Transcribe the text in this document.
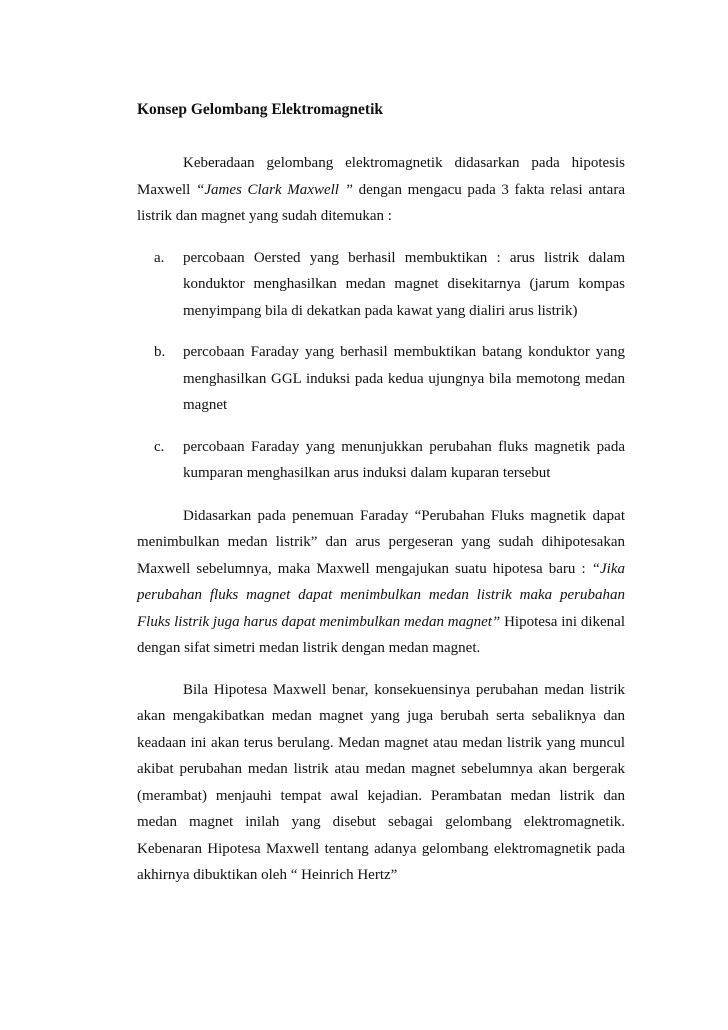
Konsep Gelombang Elektromagnetik

Keberadaan gelombang elektromagnetik didasarkan pada hipotesis Maxwell “James Clark Maxwell ” dengan mengacu pada 3 fakta relasi antara listrik dan magnet yang sudah ditemukan :

a. percobaan Oersted yang berhasil membuktikan : arus listrik dalam konduktor menghasilkan medan magnet disekitarnya (jarum kompas menyimpang bila di dekatkan pada kawat yang dialiri arus listrik)
b. percobaan Faraday yang berhasil membuktikan batang konduktor yang menghasilkan GGL induksi pada kedua ujungnya bila memotong medan magnet
c. percobaan Faraday yang menunjukkan perubahan fluks magnetik pada kumparan menghasilkan arus induksi dalam kuparan tersebut

Didasarkan pada penemuan Faraday “Perubahan Fluks magnetik dapat menimbulkan medan listrik” dan arus pergeseran yang sudah dihipotesakan Maxwell sebelumnya, maka Maxwell mengajukan suatu hipotesa baru : “Jika perubahan fluks magnet dapat menimbulkan medan listrik maka perubahan Fluks listrik juga harus dapat menimbulkan medan magnet” Hipotesa ini dikenal dengan sifat simetri medan listrik dengan medan magnet.

Bila Hipotesa Maxwell benar, konsekuensinya perubahan medan listrik akan mengakibatkan medan magnet yang juga berubah serta sebaliknya dan keadaan ini akan terus berulang. Medan magnet atau medan listrik yang muncul akibat perubahan medan listrik atau medan magnet sebelumnya akan bergerak (merambat) menjauhi tempat awal kejadian. Perambatan medan listrik dan medan magnet inilah yang disebut sebagai gelombang elektromagnetik. Kebenaran Hipotesa Maxwell tentang adanya gelombang elektromagnetik pada akhirnya dibuktikan oleh “ Heinrich Hertz”
